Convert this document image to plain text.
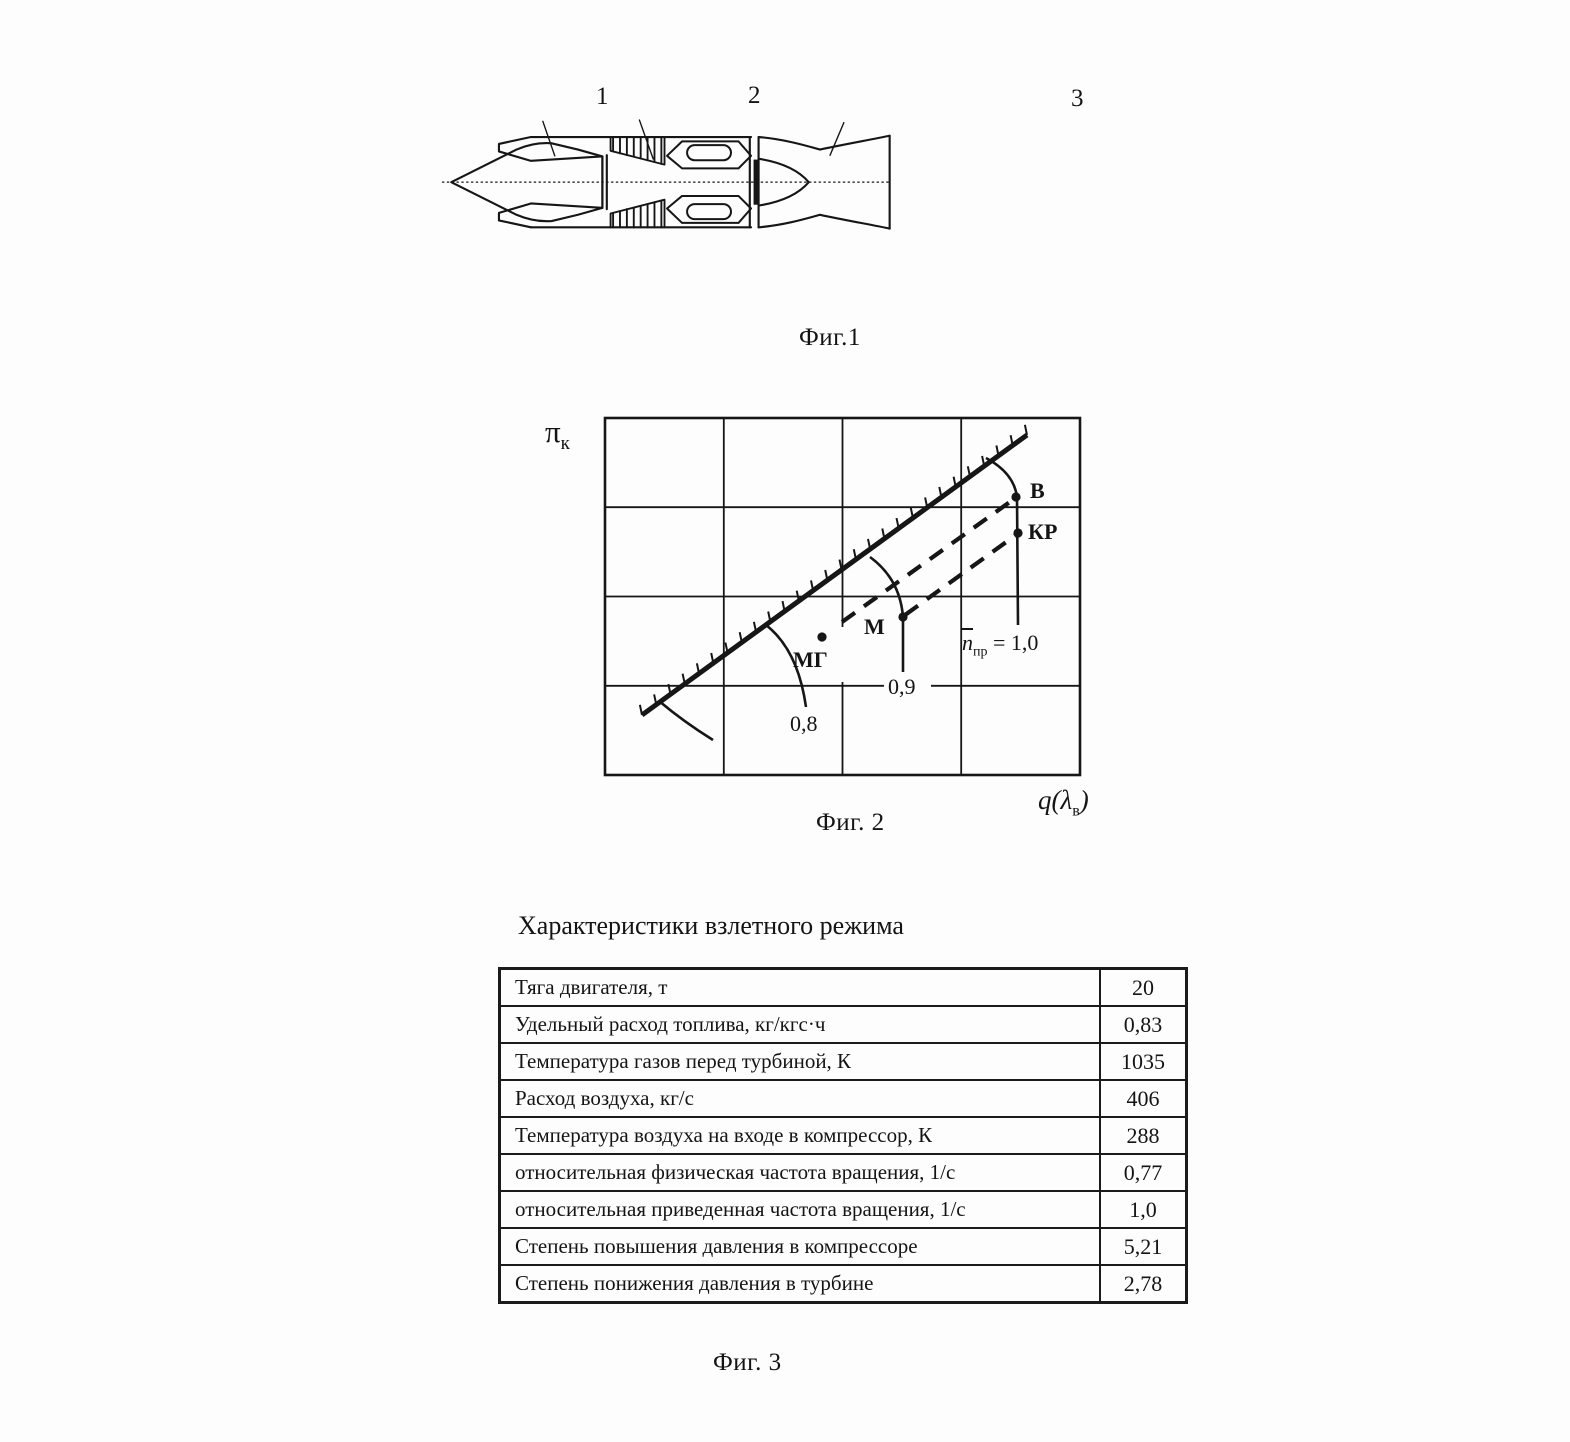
1	2	3
Фиг.1
$\pi_к$
$q(\lambda_в)$
0,8
0,9
$п_{пр} = 1,0$
МГ
М
В
КР
Фиг. 2
Характеристики взлетного режима
Тяга двигателя, т	20
Удельный расход топлива, кг/кгс·ч	0,83
Температура газов перед турбиной, К	1035
Расход воздуха, кг/с	406
Температура воздуха на входе в компрессор, К	288
относительная физическая частота вращения, 1/с	0,77
относительная приведенная частота вращения, 1/с	1,0
Степень повышения давления в компрессоре	5,21
Степень понижения давления в турбине	2,78
Фиг. 3
